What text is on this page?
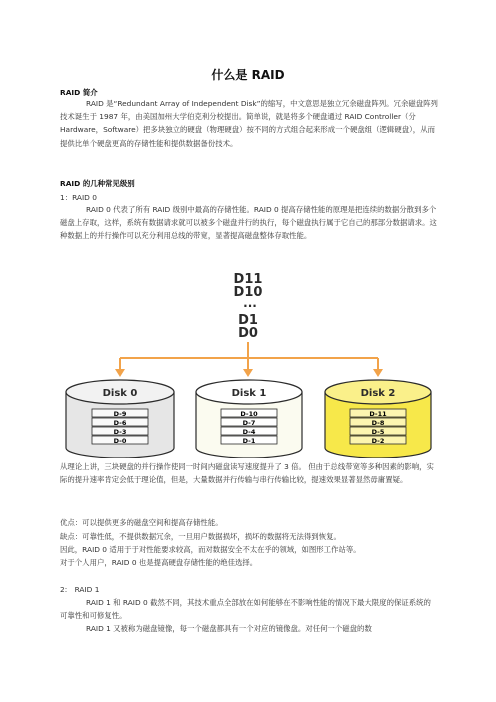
什么是 RAID
RAID 简介

RAID 是“Redundant Array of Independent Disk”的缩写，中文意思是独立冗余磁盘阵列。冗余磁盘阵列技术诞生于 1987 年，由美国加州大学伯克利分校提出。简单说，就是将多个硬盘通过 RAID Controller（分 Hardware，Software）把多块独立的硬盘（物理硬盘）按不同的方式组合起来形成一个硬盘组（逻辑硬盘），从而提供比单个硬盘更高的存储性能和提供数据备份技术。

RAID 的几种常见级别
1：RAID 0

RAID 0 代表了所有 RAID 级别中最高的存储性能。RAID 0 提高存储性能的原理是把连续的数据分散到多个磁盘上存取，这样，系统有数据请求就可以被多个磁盘并行的执行，每个磁盘执行属于它自己的那部分数据请求。这种数据上的并行操作可以充分利用总线的带宽，显著提高磁盘整体存取性能。

D11
D10
···
D1
D0
Disk 0
D-9
D-6
D-3
D-0
Disk 1
D-10
D-7
D-4
D-1
Disk 2
D-11
D-8
D-5
D-2

从理论上讲，三块硬盘的并行操作使同一时间内磁盘读写速度提升了 3 倍。 但由于总线带宽等多种因素的影响，实际的提升速率肯定会低于理论值，但是，大量数据并行传输与串行传输比较，提速效果显著显然毋庸置疑。

优点：可以提供更多的磁盘空间和提高存储性能。
缺点：可靠性低，不提供数据冗余，一旦用户数据损坏，损坏的数据将无法得到恢复。
因此，RAID 0 适用于于对性能要求较高，而对数据安全不太在乎的领域，如图形工作站等。
对于个人用户，RAID 0 也是提高硬盘存储性能的绝佳选择。
2:　RAID 1

RAID 1 和 RAID 0 截然不同，其技术重点全部放在如何能够在不影响性能的情况下最大限度的保证系统的可靠性和可修复性。

RAID 1 又被称为磁盘镜像，每一个磁盘都具有一个对应的镜像盘。对任何一个磁盘的数
